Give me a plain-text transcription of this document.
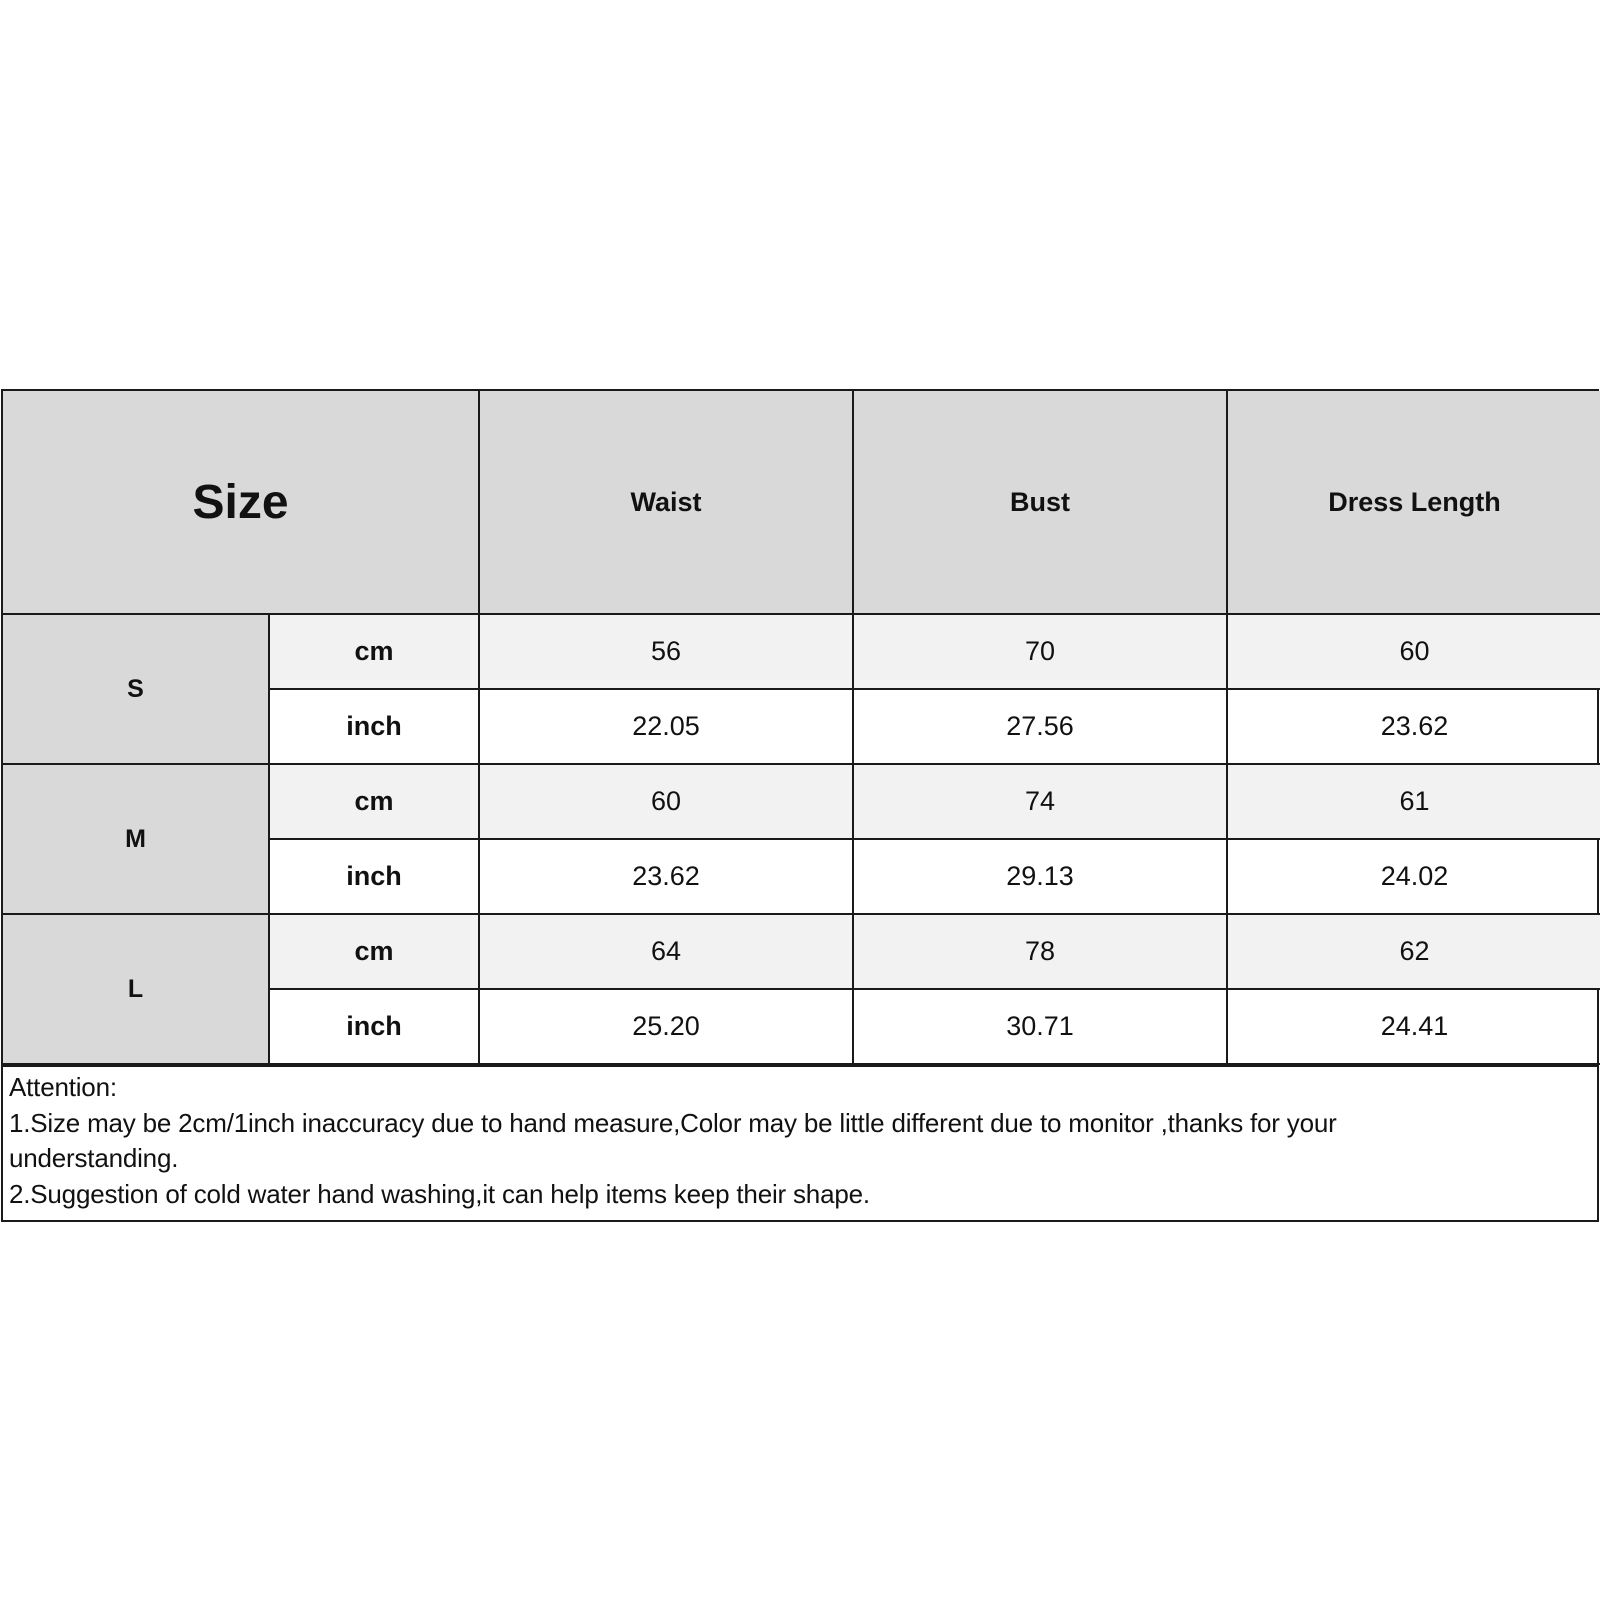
Size		Waist	Bust	Dress Length
S	cm	56	70	60
	inch	22.05	27.56	23.62
M	cm	60	74	61
	inch	23.62	29.13	24.02
L	cm	64	78	62
	inch	25.20	30.71	24.41
Attention:
1.Size may be 2cm/1inch inaccuracy due to hand measure,Color may be little different due to monitor ,thanks for your
understanding.
2.Suggestion of cold water hand washing,it can help items keep their shape.
